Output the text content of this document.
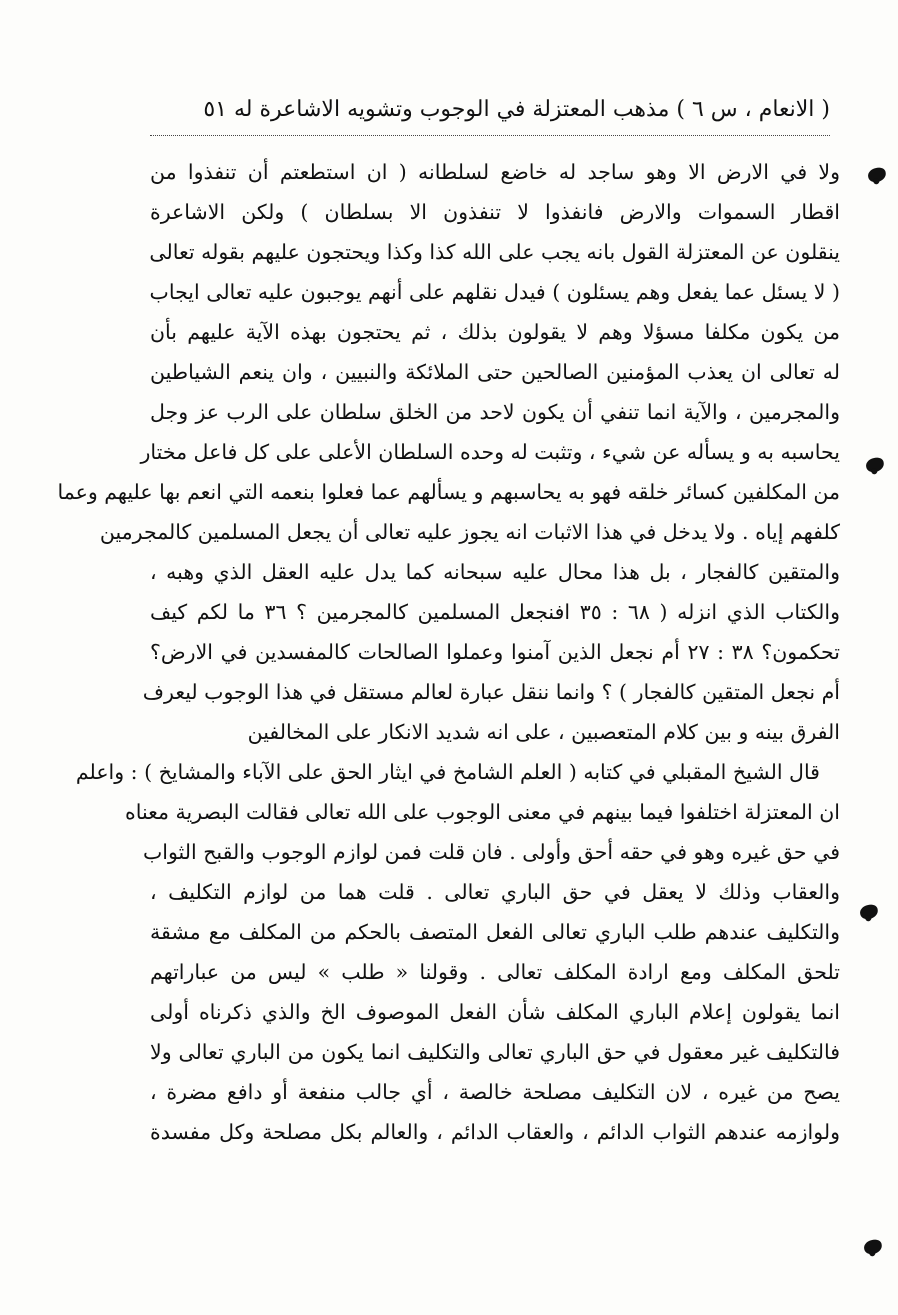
( الانعام ، س ٦ ) مذهب المعتزلة في الوجوب وتشويه الاشاعرة له ٥١
ولا في الارض الا وهو ساجد له خاضع لسلطانه ( ان استطعتم أن تنفذوا من
اقطار السموات والارض فانفذوا لا تنفذون الا بسلطان ) ولكن الاشاعرة
ينقلون عن المعتزلة القول بانه يجب على الله كذا وكذا ويحتجون عليهم بقوله تعالى
( لا يسئل عما يفعل وهم يسئلون ) فيدل نقلهم على أنهم يوجبون عليه تعالى ايجاب
من يكون مكلفا مسؤلا وهم لا يقولون بذلك ، ثم يحتجون بهذه الآية عليهم بأن
له تعالى ان يعذب المؤمنين الصالحين حتى الملائكة والنبيين ، وان ينعم الشياطين
والمجرمين ، والآية انما تنفي أن يكون لاحد من الخلق سلطان على الرب عز وجل
يحاسبه به و يسأله عن شيء ، وتثبت له وحده السلطان الأعلى على كل فاعل مختار
من المكلفين كسائر خلقه فهو به يحاسبهم و يسألهم عما فعلوا بنعمه التي انعم بها عليهم وعما
كلفهم إياه . ولا يدخل في هذا الاثبات انه يجوز عليه تعالى أن يجعل المسلمين كالمجرمين
والمتقين كالفجار ، بل هذا محال عليه سبحانه كما يدل عليه العقل الذي وهبه ،
والكتاب الذي انزله ( ٦٨ : ٣٥ افنجعل المسلمين كالمجرمين ؟ ٣٦ ما لكم كيف
تحكمون؟ ٣٨ : ٢٧ أم نجعل الذين آمنوا وعملوا الصالحات كالمفسدين في الارض؟
أم نجعل المتقين كالفجار ) ؟ وانما ننقل عبارة لعالم مستقل في هذا الوجوب ليعرف
الفرق بينه و بين كلام المتعصبين ، على انه شديد الانكار على المخالفين
قال الشيخ المقبلي في كتابه ( العلم الشامخ في ايثار الحق على الآباء والمشايخ ) : واعلم
ان المعتزلة اختلفوا فيما بينهم في معنى الوجوب على الله تعالى فقالت البصرية معناه
في حق غيره وهو في حقه أحق وأولى . فان قلت فمن لوازم الوجوب والقبح الثواب
والعقاب وذلك لا يعقل في حق الباري تعالى . قلت هما من لوازم التكليف ،
والتكليف عندهم طلب الباري تعالى الفعل المتصف بالحكم من المكلف مع مشقة
تلحق المكلف ومع ارادة المكلف تعالى . وقولنا « طلب » ليس من عباراتهم
انما يقولون إعلام الباري المكلف شأن الفعل الموصوف الخ والذي ذكرناه أولى
فالتكليف غير معقول في حق الباري تعالى والتكليف انما يكون من الباري تعالى ولا
يصح من غيره ، لان التكليف مصلحة خالصة ، أي جالب منفعة أو دافع مضرة ،
ولوازمه عندهم الثواب الدائم ، والعقاب الدائم ، والعالم بكل مصلحة وكل مفسدة
